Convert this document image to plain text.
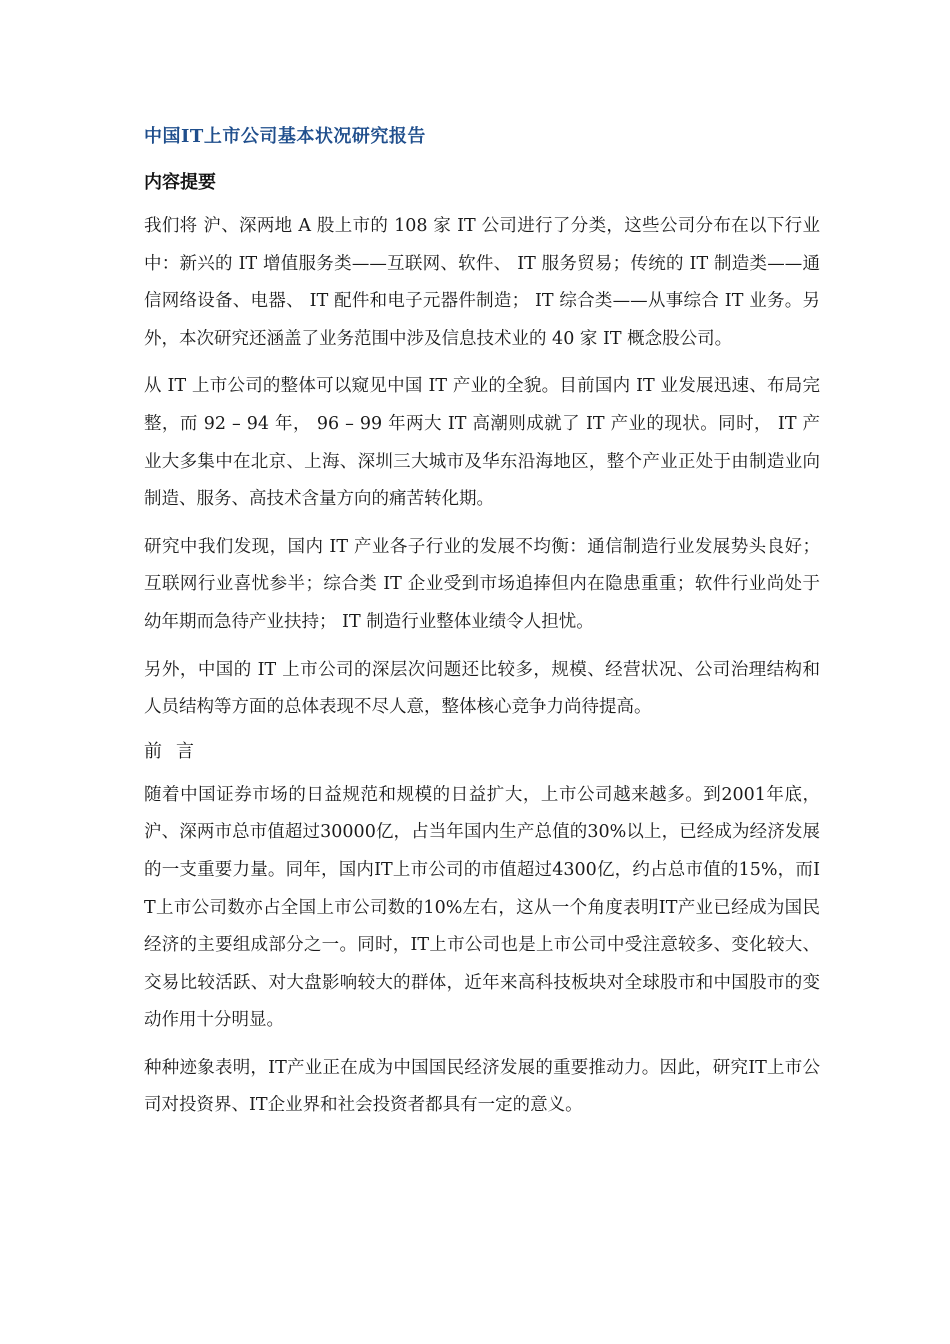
中国IT上市公司基本状况研究报告
内容提要

我们将 沪、深两地 A 股上市的 108 家 IT 公司进行了分类，这些公司分布在以下行业中：新兴的 IT 增值服务类——互联网、软件、 IT 服务贸易；传统的 IT 制造类——通信网络设备、电器、 IT 配件和电子元器件制造； IT 综合类——从事综合 IT 业务。另外，本次研究还涵盖了业务范围中涉及信息技术业的 40 家 IT 概念股公司。

从 IT 上市公司的整体可以窥见中国 IT 产业的全貌。目前国内 IT 业发展迅速、布局完整，而 92 – 94 年， 96 – 99 年两大 IT 高潮则成就了 IT 产业的现状。同时， IT 产业大多集中在北京、上海、深圳三大城市及华东沿海地区，整个产业正处于由制造业向制造、服务、高技术含量方向的痛苦转化期。

研究中我们发现，国内 IT 产业各子行业的发展不均衡：通信制造行业发展势头良好；互联网行业喜忧参半；综合类 IT 企业受到市场追捧但内在隐患重重；软件行业尚处于幼年期而急待产业扶持； IT 制造行业整体业绩令人担忧。

另外，中国的 IT 上市公司的深层次问题还比较多，规模、经营状况、公司治理结构和人员结构等方面的总体表现不尽人意，整体核心竞争力尚待提高。

前言

随着中国证券市场的日益规范和规模的日益扩大，上市公司越来越多。到2001年底，沪、深两市总市值超过30000亿，占当年国内生产总值的30%以上，已经成为经济发展的一支重要力量。同年，国内IT上市公司的市值超过4300亿，约占总市值的15%，而IT上市公司数亦占全国上市公司数的10%左右，这从一个角度表明IT产业已经成为国民经济的主要组成部分之一。同时，IT上市公司也是上市公司中受注意较多、变化较大、交易比较活跃、对大盘影响较大的群体，近年来高科技板块对全球股市和中国股市的变动作用十分明显。

种种迹象表明，IT产业正在成为中国国民经济发展的重要推动力。因此，研究IT上市公司对投资界、IT企业界和社会投资者都具有一定的意义。
